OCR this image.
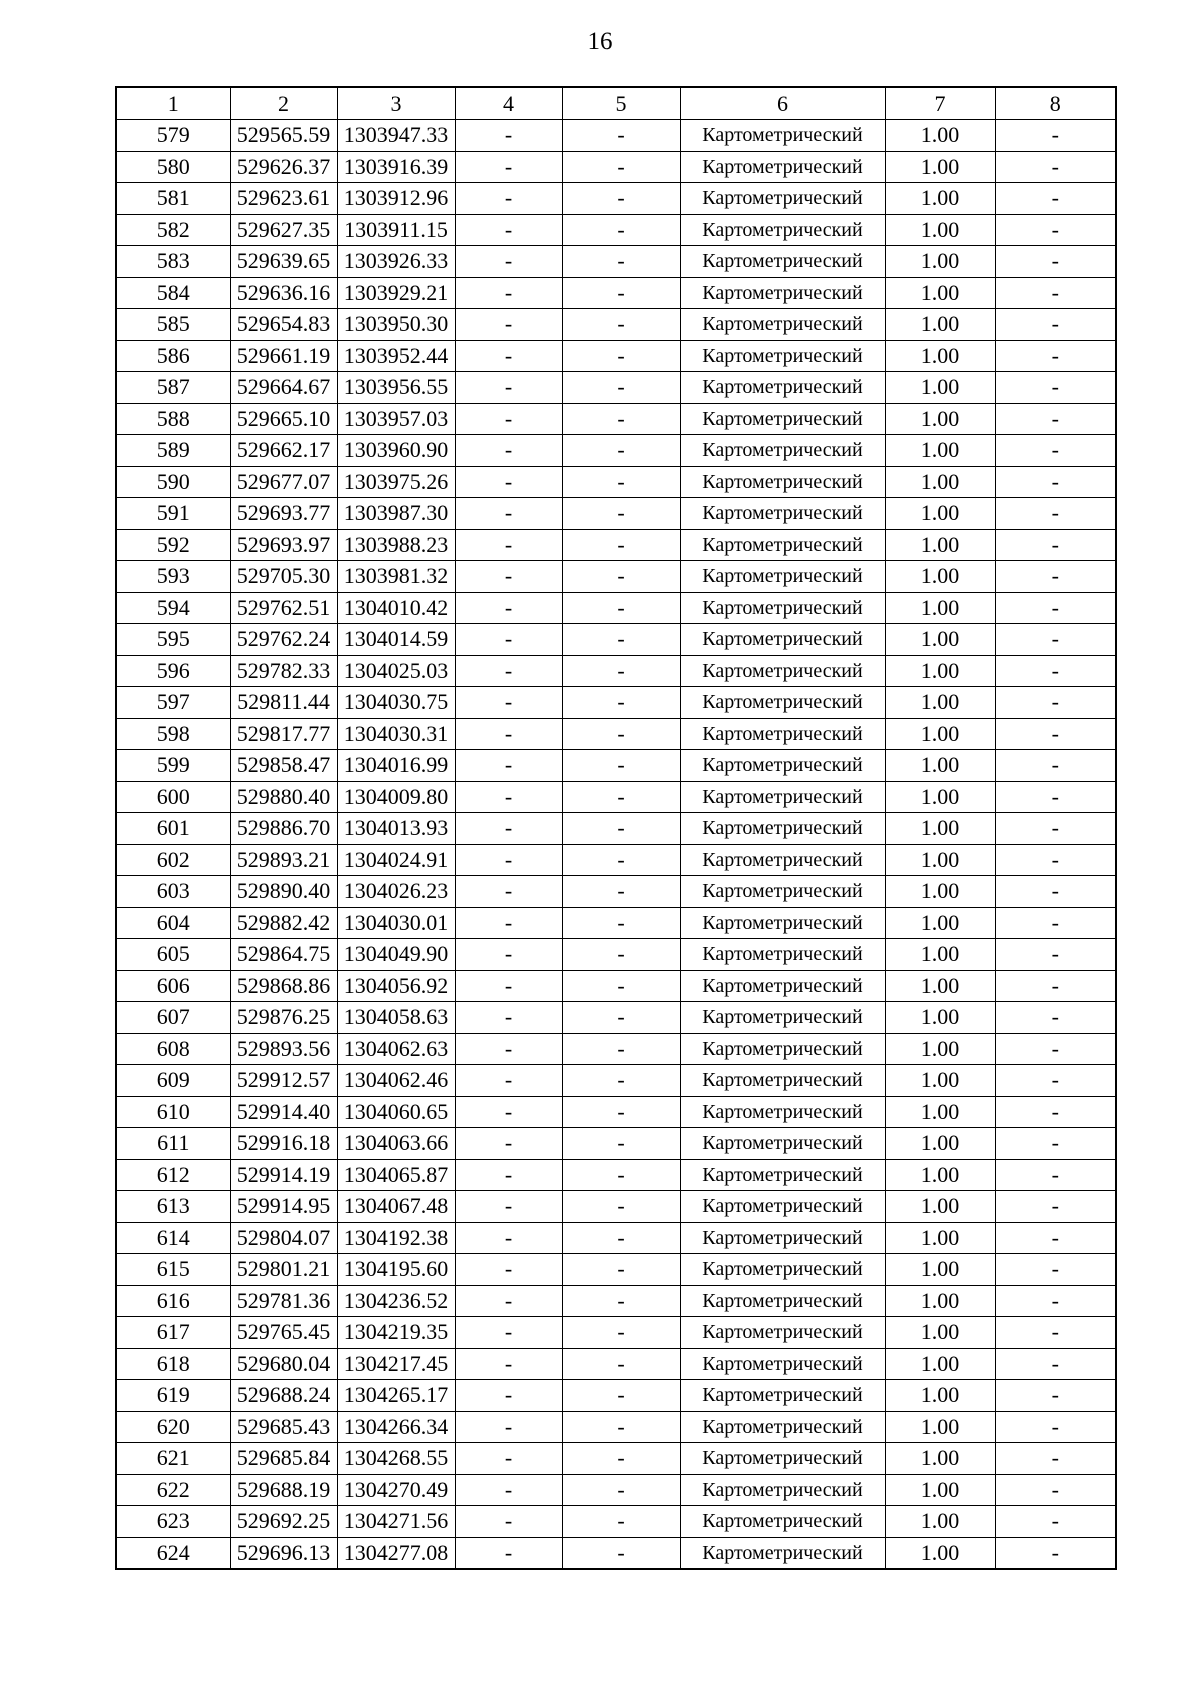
16
1	2	3	4	5	6	7	8
579	529565.59	1303947.33	-	-	Картометрический	1.00	-
580	529626.37	1303916.39	-	-	Картометрический	1.00	-
581	529623.61	1303912.96	-	-	Картометрический	1.00	-
582	529627.35	1303911.15	-	-	Картометрический	1.00	-
583	529639.65	1303926.33	-	-	Картометрический	1.00	-
584	529636.16	1303929.21	-	-	Картометрический	1.00	-
585	529654.83	1303950.30	-	-	Картометрический	1.00	-
586	529661.19	1303952.44	-	-	Картометрический	1.00	-
587	529664.67	1303956.55	-	-	Картометрический	1.00	-
588	529665.10	1303957.03	-	-	Картометрический	1.00	-
589	529662.17	1303960.90	-	-	Картометрический	1.00	-
590	529677.07	1303975.26	-	-	Картометрический	1.00	-
591	529693.77	1303987.30	-	-	Картометрический	1.00	-
592	529693.97	1303988.23	-	-	Картометрический	1.00	-
593	529705.30	1303981.32	-	-	Картометрический	1.00	-
594	529762.51	1304010.42	-	-	Картометрический	1.00	-
595	529762.24	1304014.59	-	-	Картометрический	1.00	-
596	529782.33	1304025.03	-	-	Картометрический	1.00	-
597	529811.44	1304030.75	-	-	Картометрический	1.00	-
598	529817.77	1304030.31	-	-	Картометрический	1.00	-
599	529858.47	1304016.99	-	-	Картометрический	1.00	-
600	529880.40	1304009.80	-	-	Картометрический	1.00	-
601	529886.70	1304013.93	-	-	Картометрический	1.00	-
602	529893.21	1304024.91	-	-	Картометрический	1.00	-
603	529890.40	1304026.23	-	-	Картометрический	1.00	-
604	529882.42	1304030.01	-	-	Картометрический	1.00	-
605	529864.75	1304049.90	-	-	Картометрический	1.00	-
606	529868.86	1304056.92	-	-	Картометрический	1.00	-
607	529876.25	1304058.63	-	-	Картометрический	1.00	-
608	529893.56	1304062.63	-	-	Картометрический	1.00	-
609	529912.57	1304062.46	-	-	Картометрический	1.00	-
610	529914.40	1304060.65	-	-	Картометрический	1.00	-
611	529916.18	1304063.66	-	-	Картометрический	1.00	-
612	529914.19	1304065.87	-	-	Картометрический	1.00	-
613	529914.95	1304067.48	-	-	Картометрический	1.00	-
614	529804.07	1304192.38	-	-	Картометрический	1.00	-
615	529801.21	1304195.60	-	-	Картометрический	1.00	-
616	529781.36	1304236.52	-	-	Картометрический	1.00	-
617	529765.45	1304219.35	-	-	Картометрический	1.00	-
618	529680.04	1304217.45	-	-	Картометрический	1.00	-
619	529688.24	1304265.17	-	-	Картометрический	1.00	-
620	529685.43	1304266.34	-	-	Картометрический	1.00	-
621	529685.84	1304268.55	-	-	Картометрический	1.00	-
622	529688.19	1304270.49	-	-	Картометрический	1.00	-
623	529692.25	1304271.56	-	-	Картометрический	1.00	-
624	529696.13	1304277.08	-	-	Картометрический	1.00	-
